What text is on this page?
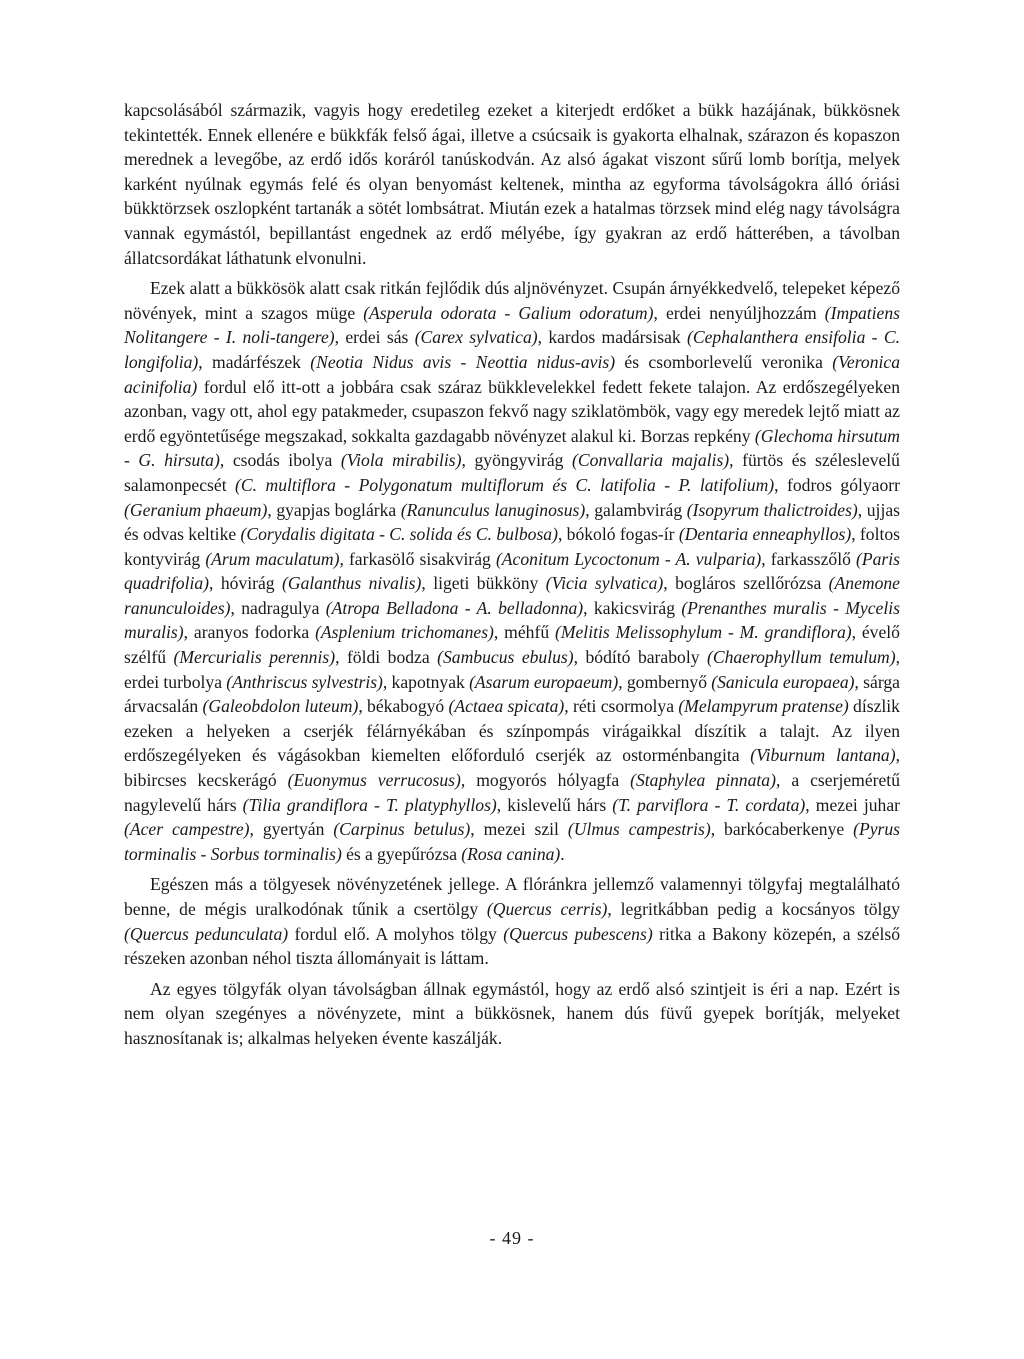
kapcsolásából származik, vagyis hogy eredetileg ezeket a kiterjedt erdőket a bükk hazájának, bükkösnek tekintették. Ennek ellenére e bükkfák felső ágai, illetve a csúcsaik is gyakorta elhalnak, szárazon és kopaszon merednek a levegőbe, az erdő idős koráról tanúskodván. Az alsó ágakat viszont sűrű lomb borítja, melyek karként nyúlnak egymás felé és olyan benyomást keltenek, mintha az egyforma távolságokra álló óriási bükktörzsek oszlopként tartanák a sötét lombsátrat. Miután ezek a hatalmas törzsek mind elég nagy távolságra vannak egymástól, bepillantást engednek az erdő mélyébe, így gyakran az erdő hátterében, a távolban állatcsordákat láthatunk elvonulni.

Ezek alatt a bükkösök alatt csak ritkán fejlődik dús aljnövényzet. Csupán árnyékkedvelő, telepeket képező növények, mint a szagos müge (Asperula odorata - Galium odoratum), erdei nenyúljhozzám (Impatiens Nolitangere - I. noli-tangere), erdei sás (Carex sylvatica), kardos madársisak (Cephalanthera ensifolia - C. longifolia), madárfészek (Neotia Nidus avis - Neottia nidus-avis) és csomborlevelű veronika (Veronica acinifolia) fordul elő itt-ott a jobbára csak száraz bükklevelekkel fedett fekete talajon. Az erdőszegélyeken azonban, vagy ott, ahol egy patakmeder, csupaszon fekvő nagy sziklatömbök, vagy egy meredek lejtő miatt az erdő egyöntetűsége megszakad, sokkalta gazdagabb növényzet alakul ki. Borzas repkény (Glechoma hirsutum - G. hirsuta), csodás ibolya (Viola mirabilis), gyöngyvirág (Convallaria majalis), fürtös és széleslevelű salamonpecsét (C. multiflora - Polygonatum multiflorum és C. latifolia - P. latifolium), fodros gólyaorr (Geranium phaeum), gyapjas boglárka (Ranunculus lanuginosus), galambvirág (Isopyrum thalictroides), ujjas és odvas keltike (Corydalis digitata - C. solida és C. bulbosa), bókoló fogas-ír (Dentaria enneaphyllos), foltos kontyvirág (Arum maculatum), farkasölő sisakvirág (Aconitum Lycoctonum - A. vulparia), farkasszőlő (Paris quadrifolia), hóvirág (Galanthus nivalis), ligeti bükköny (Vicia sylvatica), bogláros szellőrózsa (Anemone ranunculoides), nadragulya (Atropa Belladona - A. belladonna), kakicsvirág (Prenanthes muralis - Mycelis muralis), aranyos fodorka (Asplenium trichomanes), méhfű (Melitis Melissophylum - M. grandiflora), évelő szélfű (Mercurialis perennis), földi bodza (Sambucus ebulus), bódító baraboly (Chaerophyllum temulum), erdei turbolya (Anthriscus sylvestris), kapotnyak (Asarum europaeum), gombernyő (Sanicula europaea), sárga árvacsalán (Galeobdolon luteum), békabogyó (Actaea spicata), réti csormolya (Melampyrum pratense) díszlik ezeken a helyeken a cserjék félárnyékában és színpompás virágaikkal díszítik a talajt. Az ilyen erdőszegélyeken és vágásokban kiemelten előforduló cserjék az ostorménbangita (Viburnum lantana), bibircses kecskerágó (Euonymus verrucosus), mogyorós hólyagfa (Staphylea pinnata), a cserjeméretű nagylevelű hárs (Tilia grandiflora - T. platyphyllos), kislevelű hárs (T. parviflora - T. cordata), mezei juhar (Acer campestre), gyertyán (Carpinus betulus), mezei szil (Ulmus campestris), barkócaberkenye (Pyrus torminalis - Sorbus torminalis) és a gyepűrózsa (Rosa canina).

Egészen más a tölgyesek növényzetének jellege. A flóránkra jellemző valamennyi tölgyfaj megtalálható benne, de mégis uralkodónak tűnik a csertölgy (Quercus cerris), legritkábban pedig a kocsányos tölgy (Quercus pedunculata) fordul elő. A molyhos tölgy (Quercus pubescens) ritka a Bakony közepén, a szélső részeken azonban néhol tiszta állományait is láttam.

Az egyes tölgyfák olyan távolságban állnak egymástól, hogy az erdő alsó szintjeit is éri a nap. Ezért is nem olyan szegényes a növényzete, mint a bükkösnek, hanem dús füvű gyepek borítják, melyeket hasznosítanak is; alkalmas helyeken évente kaszálják.

- 49 -
